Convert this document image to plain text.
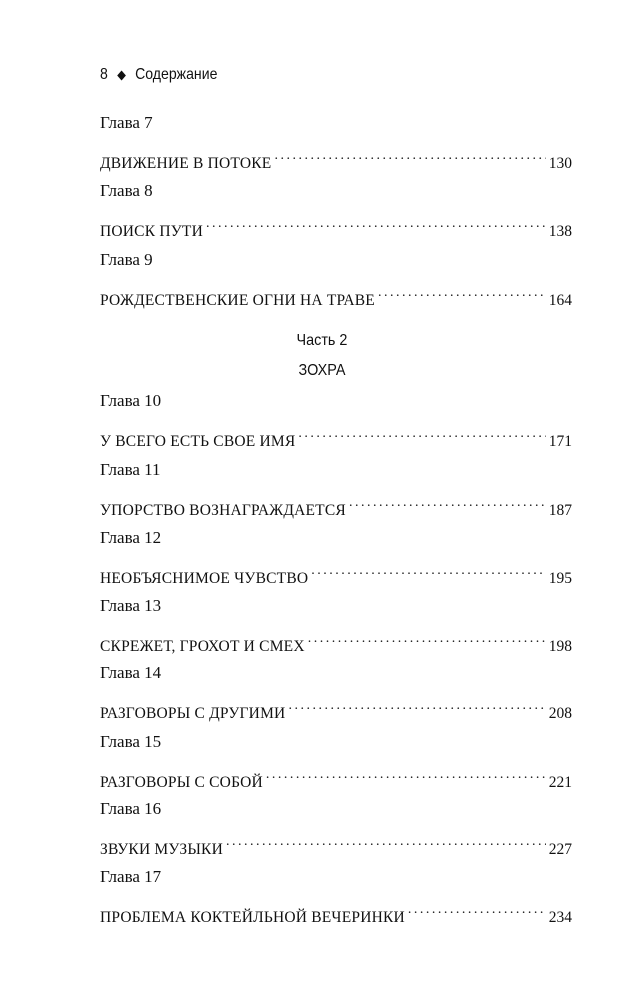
8 Содержание
Глава 7
ДВИЖЕНИЕ В ПОТОКЕ . . .	130
Глава 8
ПОИСК ПУТИ . . .	138
Глава 9
РОЖДЕСТВЕНСКИЕ ОГНИ НА ТРАВЕ . . .	164
Часть 2
ЗОХРА
Глава 10
У ВСЕГО ЕСТЬ СВОЕ ИМЯ . . .	171
Глава 11
УПОРСТВО ВОЗНАГРАЖДАЕТСЯ . . .	187
Глава 12
НЕОБЪЯСНИМОЕ ЧУВСТВО . . .	195
Глава 13
СКРЕЖЕТ, ГРОХОТ И СМЕХ . . .	198
Глава 14
РАЗГОВОРЫ С ДРУГИМИ . . .	208
Глава 15
РАЗГОВОРЫ С СОБОЙ . . .	221
Глава 16
ЗВУКИ МУЗЫКИ . . .	227
Глава 17
ПРОБЛЕМА КОКТЕЙЛЬНОЙ ВЕЧЕРИНКИ . . .	234
